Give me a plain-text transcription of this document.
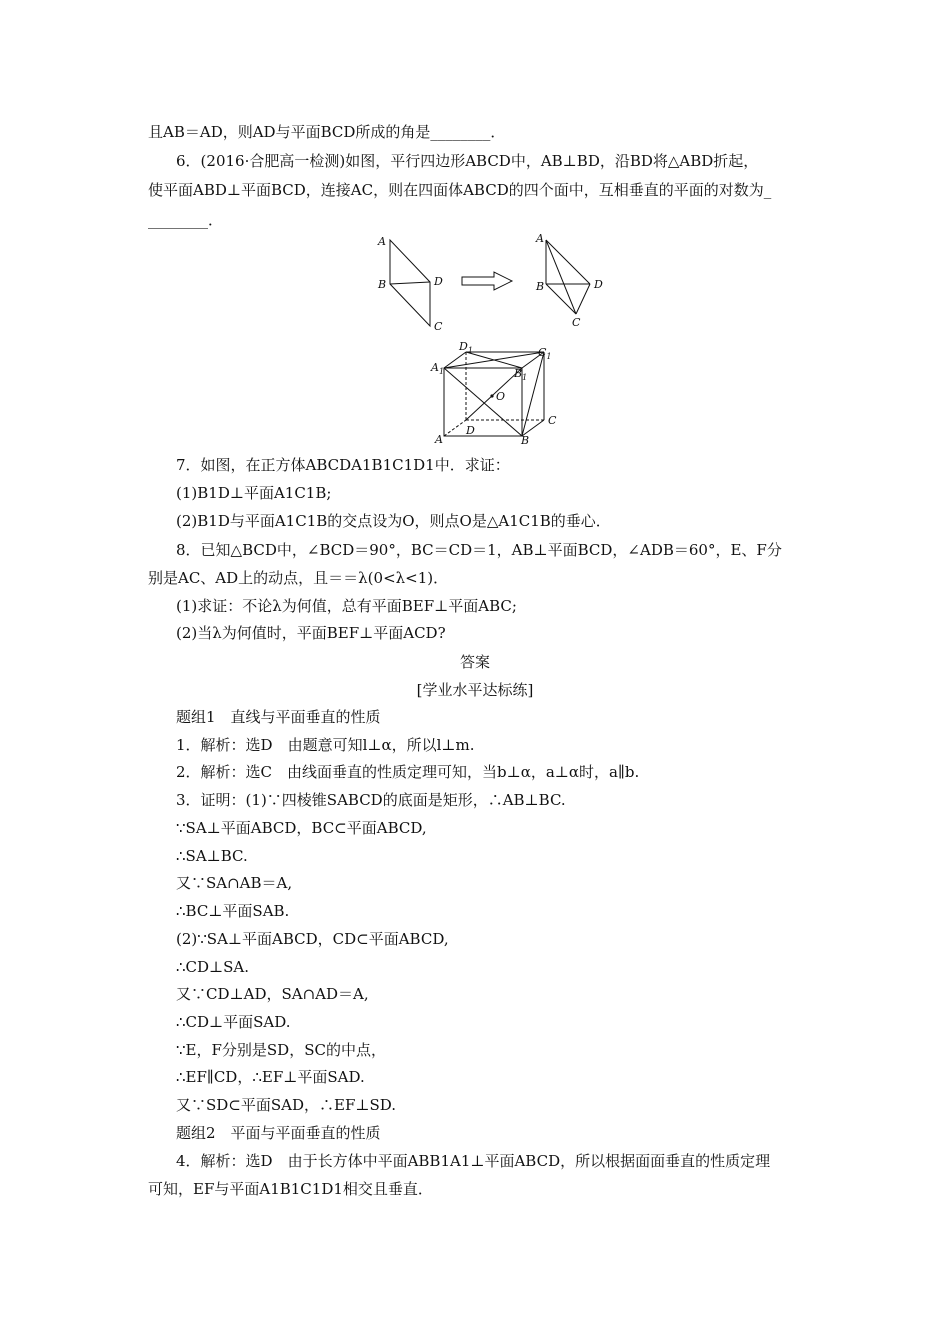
且AB＝AD，则AD与平面BCD所成的角是________．
6．(2016·合肥高一检测)如图，平行四边形ABCD中，AB⊥BD，沿BD将△ABD折起，
使平面ABD⊥平面BCD，连接AC，则在四面体ABCD的四个面中，互相垂直的平面的对数为_
________．
7．如图，在正方体ABCDA1B1C1D1中．求证：
(1)B1D⊥平面A1C1B;
(2)B1D与平面A1C1B的交点设为O，则点O是△A1C1B的垂心．
8．已知△BCD中，∠BCD＝90°，BC＝CD＝1，AB⊥平面BCD，∠ADB＝60°，E、F分
别是AC、AD上的动点，且＝＝λ(0<λ<1)．
(1)求证：不论λ为何值，总有平面BEF⊥平面ABC;
(2)当λ为何值时，平面BEF⊥平面ACD?
答案
[学业水平达标练]
题组1　直线与平面垂直的性质
1．解析：选D　由题意可知l⊥α，所以l⊥m.
2．解析：选C　由线面垂直的性质定理可知，当b⊥α，a⊥α时，a∥b.
3．证明：(1)∵四棱锥SABCD的底面是矩形，∴AB⊥BC.
∵SA⊥平面ABCD，BC⊂平面ABCD,
∴SA⊥BC.
又∵SA∩AB＝A,
∴BC⊥平面SAB.
(2)∵SA⊥平面ABCD，CD⊂平面ABCD,
∴CD⊥SA.
又∵CD⊥AD，SA∩AD＝A,
∴CD⊥平面SAD.
∵E，F分别是SD，SC的中点，
∴EF∥CD，∴EF⊥平面SAD.
又∵SD⊂平面SAD，∴EF⊥SD.
题组2　平面与平面垂直的性质
4．解析：选D　由于长方体中平面ABB1A1⊥平面ABCD，所以根据面面垂直的性质定理
可知，EF与平面A1B1C1D1相交且垂直．
A
B	D
C
A
B	D
C
$D_1$	$C_1$
$A_1$	$B_1$
O
C
D
A	B
